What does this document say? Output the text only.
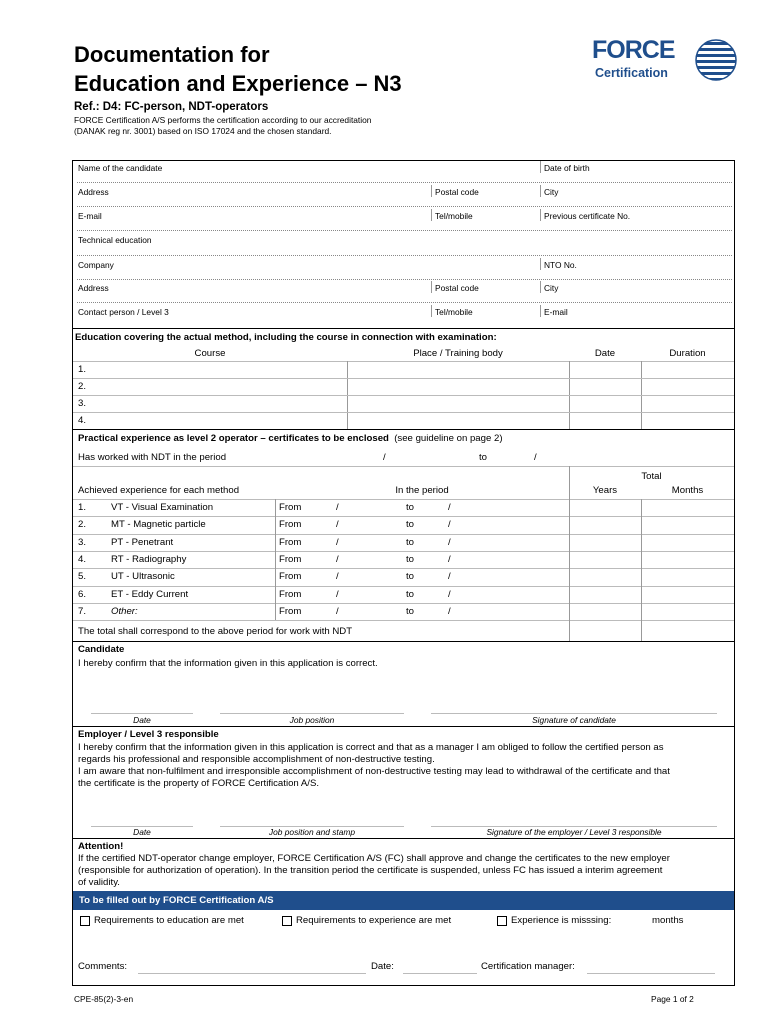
Documentation for
Education and Experience – N3
Ref.: D4: FC-person, NDT-operators
FORCE Certification A/S performs the certification according to our accreditation
(DANAK reg nr. 3001) based on ISO 17024 and the chosen standard.
FORCE
Certification
Name of the candidate	Date of birth
Address	Postal code	City
E-mail	Tel/mobile	Previous certificate No.
Technical education
Company	NTO No.
Address	Postal code	City
Contact person / Level 3	Tel/mobile	E-mail
Education covering the actual method, including the course in connection with examination:
Course	Place / Training body	Date	Duration
1.
2.
3.
4.
Practical experience as level 2 operator – certificates to be enclosed (see guideline on page 2)
Has worked with NDT in the period	/	to	/
Total
Achieved experience for each method	In the period	Years	Months
1.	VT - Visual Examination	From	/	to	/
2.	MT - Magnetic particle	From	/	to	/
3.	PT - Penetrant	From	/	to	/
4.	RT - Radiography	From	/	to	/
5.	UT - Ultrasonic	From	/	to	/
6.	ET - Eddy Current	From	/	to	/
7.	Other:	From	/	to	/
The total shall correspond to the above period for work with NDT
Candidate
I hereby confirm that the information given in this application is correct.
Date	Job position	Signature of candidate
Employer / Level 3 responsible
I hereby confirm that the information given in this application is correct and that as a manager I am obliged to follow the certified person as
regards his professional and responsible accomplishment of non-destructive testing.
I am aware that non-fulfilment and irresponsible accomplishment of non-destructive testing may lead to withdrawal of the certificate and that
the certificate is the property of FORCE Certification A/S.
Date	Job position and stamp	Signature of the employer / Level 3 responsible
Attention!
If the certified NDT-operator change employer, FORCE Certification A/S (FC) shall approve and change the certificates to the new employer
(responsible for authorization of operation). In the transition period the certificate is suspended, unless FC has issued a interim agreement
of validity.
To be filled out by FORCE Certification A/S
Requirements to education are met	Requirements to experience are met	Experience is misssing:	months
Comments:	Date:	Certification manager:
CPE-85(2)-3-en	Page 1 of 2
